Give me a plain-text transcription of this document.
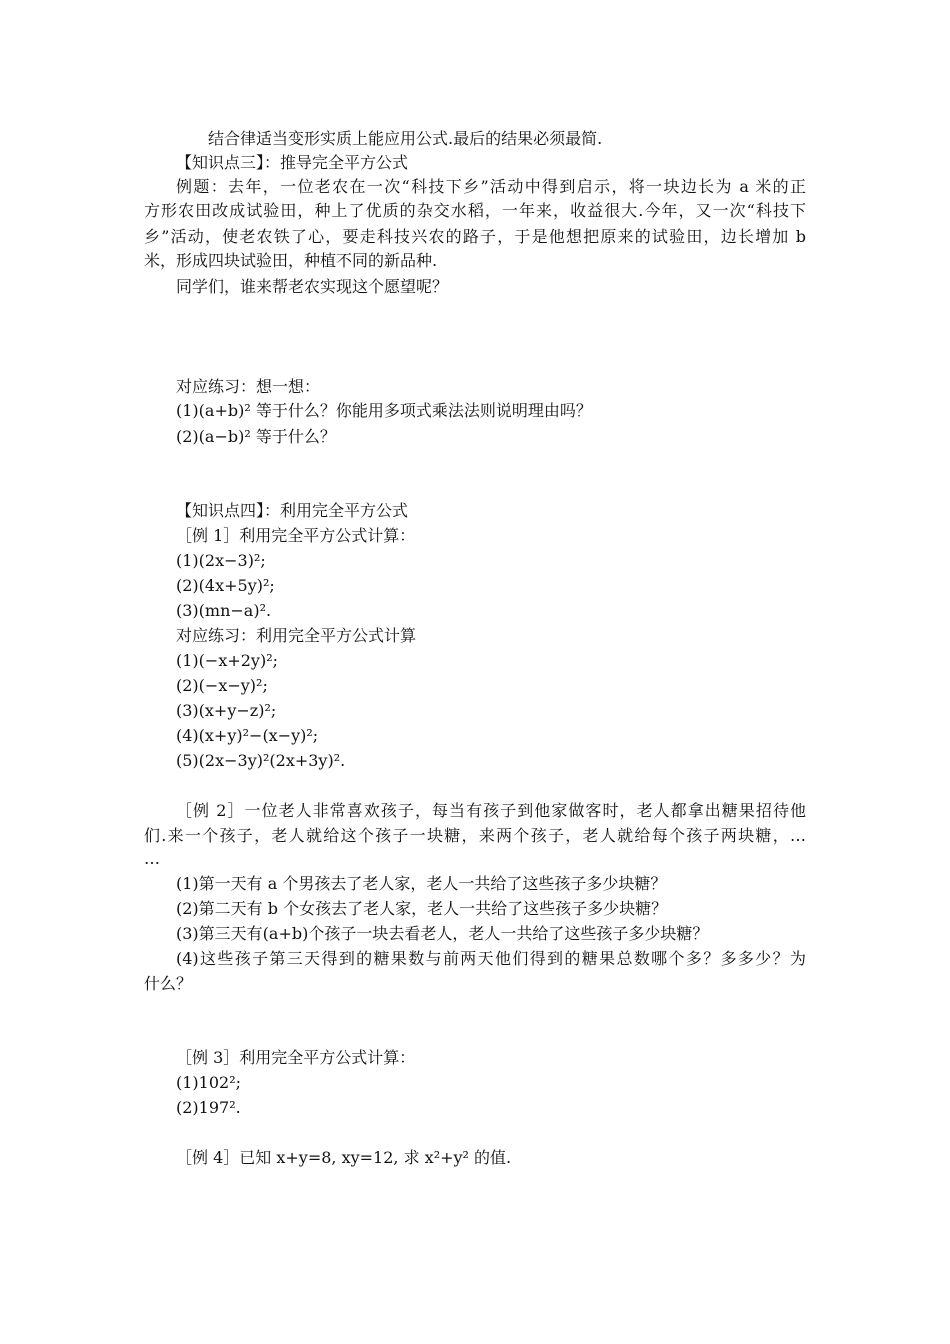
结合律适当变形实质上能应用公式.最后的结果必须最简.
【知识点三】：推导完全平方公式
例题：去年，一位老农在一次“科技下乡”活动中得到启示，将一块边长为 a 米的正
方形农田改成试验田，种上了优质的杂交水稻，一年来，收益很大.今年，又一次“科技下
乡”活动，使老农铁了心，要走科技兴农的路子，于是他想把原来的试验田，边长增加 b
米，形成四块试验田，种植不同的新品种.
同学们，谁来帮老农实现这个愿望呢？
对应练习：想一想：
(1)(a+b)² 等于什么？你能用多项式乘法法则说明理由吗？
(2)(a−b)² 等于什么？
【知识点四】：利用完全平方公式
［例 1］利用完全平方公式计算：
(1)(2x−3)²;
(2)(4x+5y)²;
(3)(mn−a)².
对应练习：利用完全平方公式计算
(1)(−x+2y)²;
(2)(−x−y)²;
(3)(x+y−z)²;
(4)(x+y)²−(x−y)²;
(5)(2x−3y)²(2x+3y)².
［例 2］一位老人非常喜欢孩子，每当有孩子到他家做客时，老人都拿出糖果招待他
们.来一个孩子，老人就给这个孩子一块糖，来两个孩子，老人就给每个孩子两块糖，…
…
(1)第一天有 a 个男孩去了老人家，老人一共给了这些孩子多少块糖？
(2)第二天有 b 个女孩去了老人家，老人一共给了这些孩子多少块糖？
(3)第三天有(a+b)个孩子一块去看老人，老人一共给了这些孩子多少块糖？
(4)这些孩子第三天得到的糖果数与前两天他们得到的糖果总数哪个多？多多少？为
什么？
［例 3］利用完全平方公式计算：
(1)102²;
(2)197².
［例 4］已知 x+y=8, xy=12, 求 x²+y² 的值.
